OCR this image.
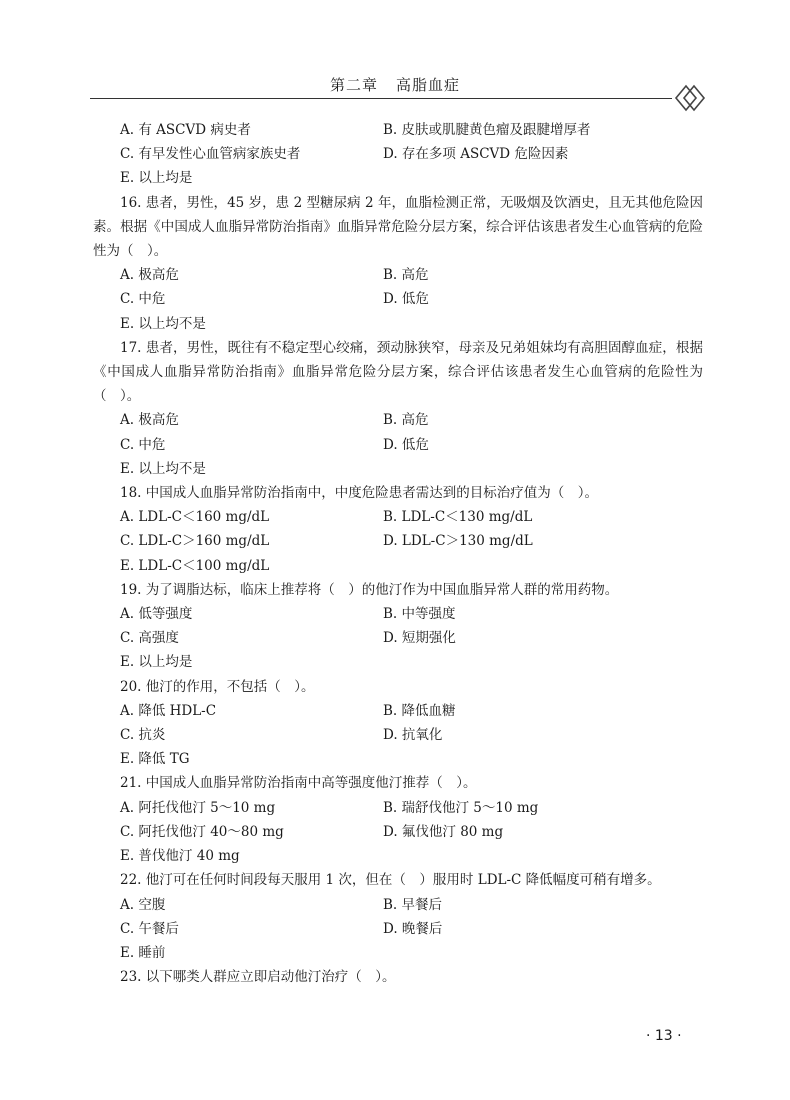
第二章 高脂血症
A. 有 ASCVD 病史者	B. 皮肤或肌腱黄色瘤及跟腱增厚者
C. 有早发性心血管病家族史者	D. 存在多项 ASCVD 危险因素
E. 以上均是
16. 患者，男性，45 岁，患 2 型糖尿病 2 年，血脂检测正常，无吸烟及饮酒史，且无其他危险因素。根据《中国成人血脂异常防治指南》血脂异常危险分层方案，综合评估该患者发生心血管病的危险性为（　）。
A. 极高危	B. 高危
C. 中危	D. 低危
E. 以上均不是
17. 患者，男性，既往有不稳定型心绞痛，颈动脉狭窄，母亲及兄弟姐妹均有高胆固醇血症，根据《中国成人血脂异常防治指南》血脂异常危险分层方案，综合评估该患者发生心血管病的危险性为（　）。
A. 极高危	B. 高危
C. 中危	D. 低危
E. 以上均不是
18. 中国成人血脂异常防治指南中，中度危险患者需达到的目标治疗值为（　）。
A. LDL-C＜160 mg/dL	B. LDL-C＜130 mg/dL
C. LDL-C＞160 mg/dL	D. LDL-C＞130 mg/dL
E. LDL-C＜100 mg/dL
19. 为了调脂达标，临床上推荐将（　）的他汀作为中国血脂异常人群的常用药物。
A. 低等强度	B. 中等强度
C. 高强度	D. 短期强化
E. 以上均是
20. 他汀的作用，不包括（　）。
A. 降低 HDL-C	B. 降低血糖
C. 抗炎	D. 抗氧化
E. 降低 TG
21. 中国成人血脂异常防治指南中高等强度他汀推荐（　）。
A. 阿托伐他汀 5～10 mg	B. 瑞舒伐他汀 5～10 mg
C. 阿托伐他汀 40～80 mg	D. 氟伐他汀 80 mg
E. 普伐他汀 40 mg
22. 他汀可在任何时间段每天服用 1 次，但在（　）服用时 LDL-C 降低幅度可稍有增多。
A. 空腹	B. 早餐后
C. 午餐后	D. 晚餐后
E. 睡前
23. 以下哪类人群应立即启动他汀治疗（　）。
· 13 ·
